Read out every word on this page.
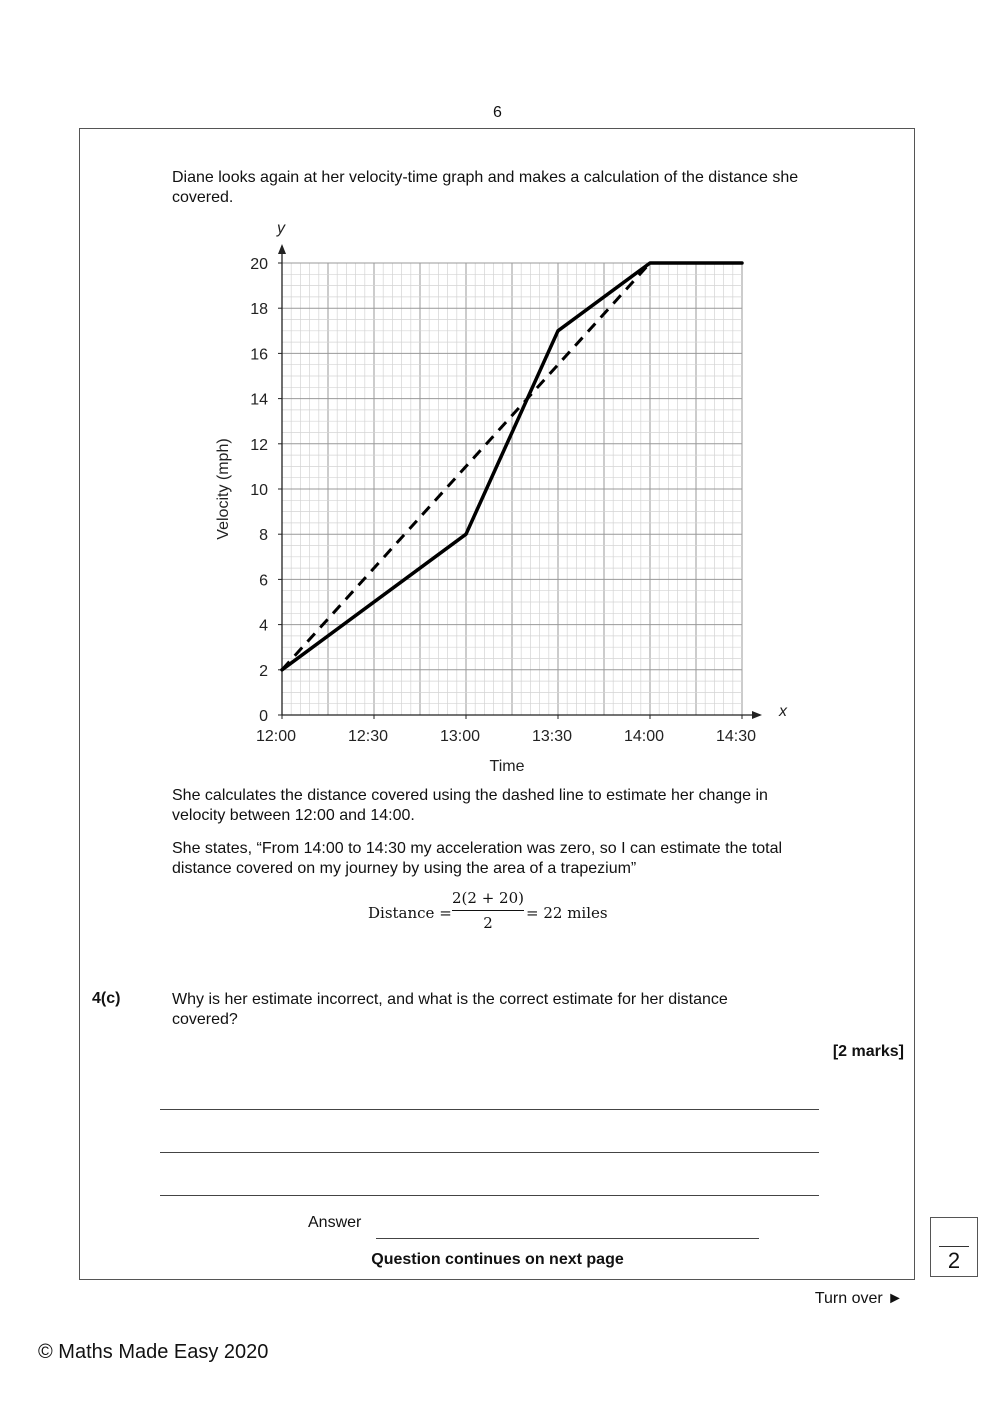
6
Diane looks again at her velocity-time graph and makes a calculation of the distance she covered.
0
2
4
6
8
10
12
14
16
18
20
12:00	12:30	13:00	13:30	14:00	14:30
x
y
Time
Velocity (mph)
She calculates the distance covered using the dashed line to estimate her change in velocity between 12:00 and 14:00.
She states, “From 14:00 to 14:30 my acceleration was zero, so I can estimate the total distance covered on my journey by using the area of a trapezium”
Distance =
2(2 + 20)
2
= 22 miles
4(c)	Why is her estimate incorrect, and what is the correct estimate for her distance covered?
[2 marks]
Answer
Question continues on next page	2
Turn over ►
© Maths Made Easy 2020
